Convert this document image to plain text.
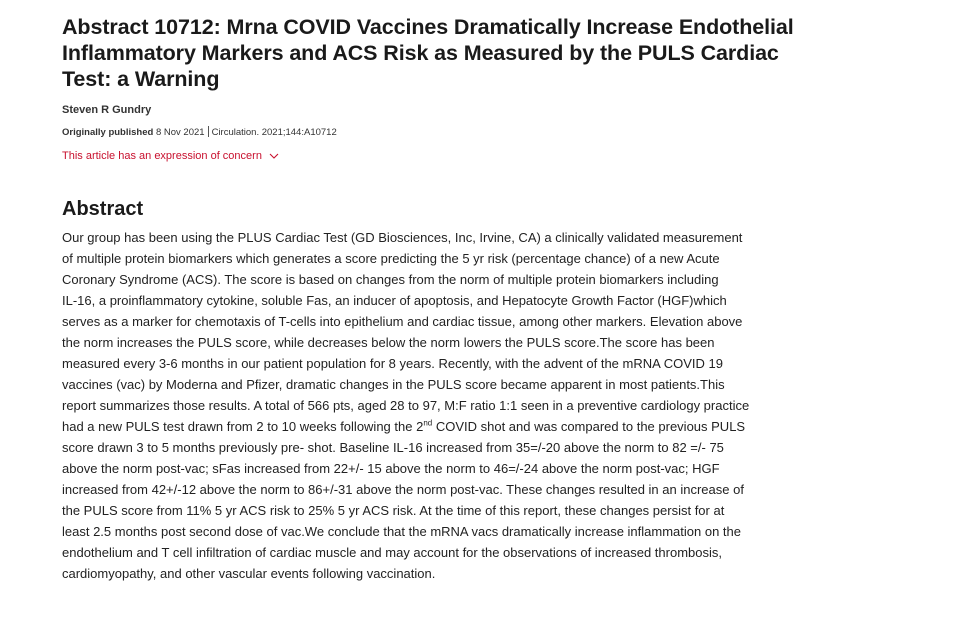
Abstract 10712: Mrna COVID Vaccines Dramatically Increase Endothelial
Inflammatory Markers and ACS Risk as Measured by the PULS Cardiac
Test: a Warning
Steven R Gundry
Originally published 8 Nov 2021 Circulation. 2021;144:A10712
This article has an expression of concern
Abstract
Our group has been using the PLUS Cardiac Test (GD Biosciences, Inc, Irvine, CA) a clinically validated measurement
of multiple protein biomarkers which generates a score predicting the 5 yr risk (percentage chance) of a new Acute
Coronary Syndrome (ACS). The score is based on changes from the norm of multiple protein biomarkers including
IL-16, a proinflammatory cytokine, soluble Fas, an inducer of apoptosis, and Hepatocyte Growth Factor (HGF)which
serves as a marker for chemotaxis of T-cells into epithelium and cardiac tissue, among other markers. Elevation above
the norm increases the PULS score, while decreases below the norm lowers the PULS score.The score has been
measured every 3-6 months in our patient population for 8 years. Recently, with the advent of the mRNA COVID 19
vaccines (vac) by Moderna and Pfizer, dramatic changes in the PULS score became apparent in most patients.This
report summarizes those results. A total of 566 pts, aged 28 to 97, M:F ratio 1:1 seen in a preventive cardiology practice
had a new PULS test drawn from 2 to 10 weeks following the 2nd COVID shot and was compared to the previous PULS
score drawn 3 to 5 months previously pre- shot. Baseline IL-16 increased from 35=/-20 above the norm to 82 =/- 75
above the norm post-vac; sFas increased from 22+/- 15 above the norm to 46=/-24 above the norm post-vac; HGF
increased from 42+/-12 above the norm to 86+/-31 above the norm post-vac. These changes resulted in an increase of
the PULS score from 11% 5 yr ACS risk to 25% 5 yr ACS risk. At the time of this report, these changes persist for at
least 2.5 months post second dose of vac.We conclude that the mRNA vacs dramatically increase inflammation on the
endothelium and T cell infiltration of cardiac muscle and may account for the observations of increased thrombosis,
cardiomyopathy, and other vascular events following vaccination.
